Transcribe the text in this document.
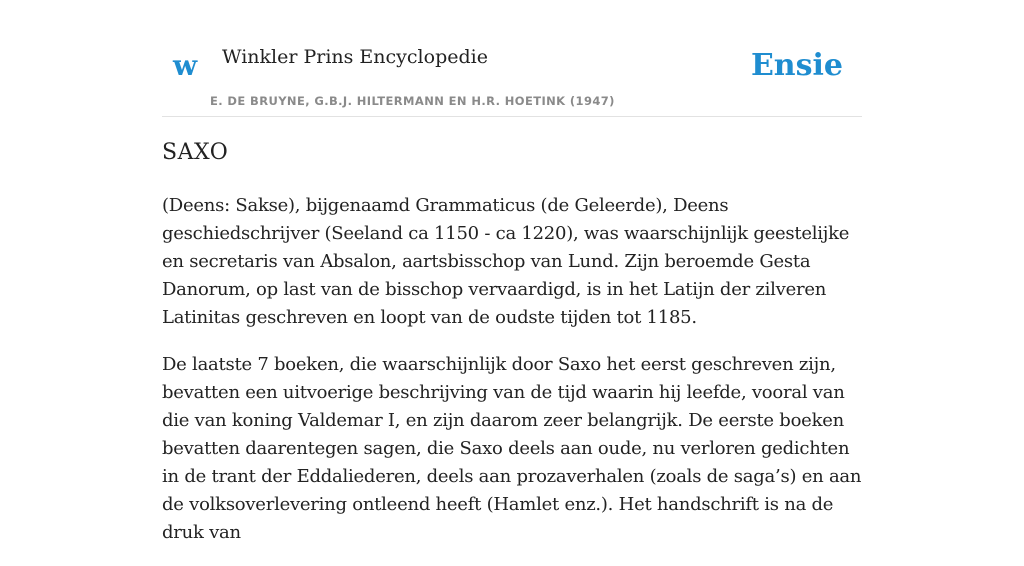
w Winkler Prins Encyclopedie
E. DE BRUYNE, G.B.J. HILTERMANN EN H.R. HOETINK (1947)
Ensie
SAXO

(Deens: Sakse), bijgenaamd Grammaticus (de Geleerde), Deens geschiedschrijver (Seeland ca 1150 - ca 1220), was waarschijnlijk geestelijke en secretaris van Absalon, aartsbisschop van Lund. Zijn beroemde Gesta Danorum, op last van de bisschop vervaardigd, is in het Latijn der zilveren Latinitas geschreven en loopt van de oudste tijden tot 1185.

De laatste 7 boeken, die waarschijnlijk door Saxo het eerst geschreven zijn, bevatten een uitvoerige beschrijving van de tijd waarin hij leefde, vooral van die van koning Valdemar I, en zijn daarom zeer belangrijk. De eerste boeken bevatten daarentegen sagen, die Saxo deels aan oude, nu verloren gedichten in de trant der Eddaliederen, deels aan prozaverhalen (zoals de saga’s) en aan de volksoverlevering ontleend heeft (Hamlet enz.). Het handschrift is na de druk van
